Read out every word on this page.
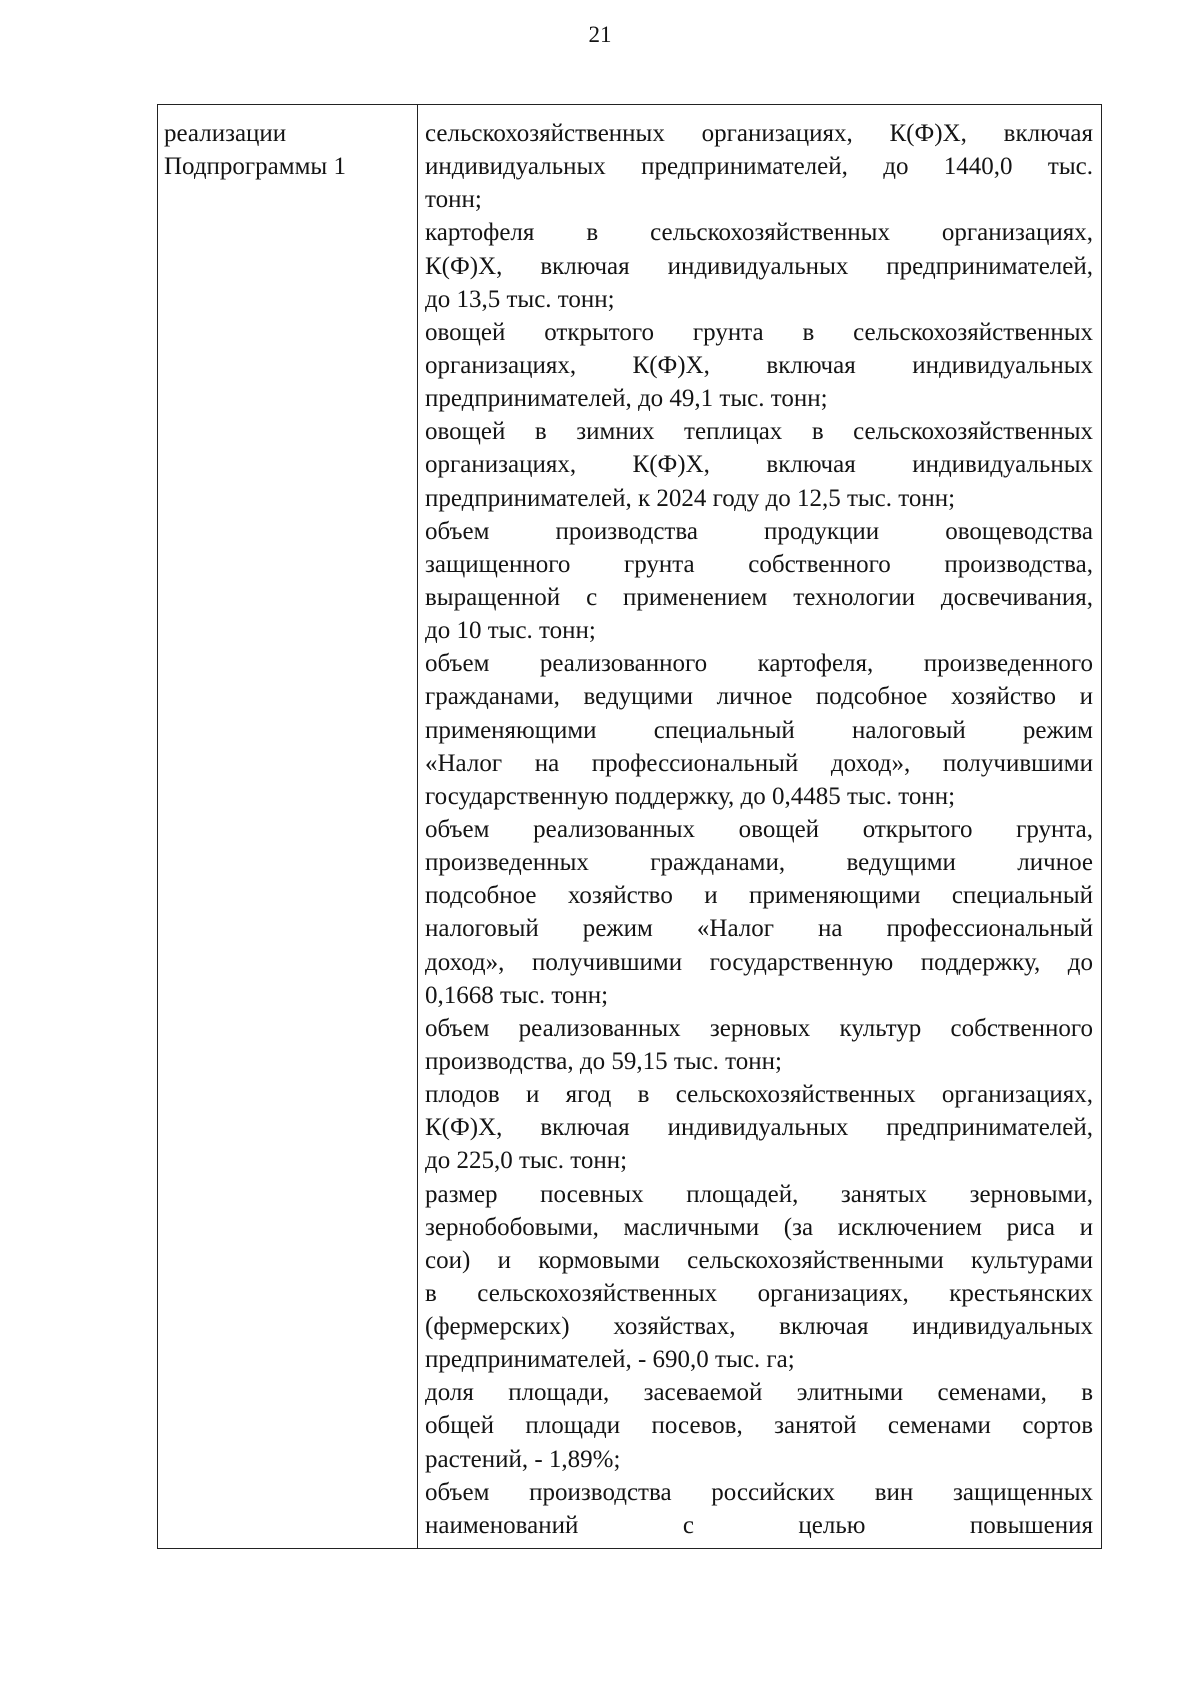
21
реализации
Подпрограммы 1
сельскохозяйственных организациях, К(Ф)Х, включая
индивидуальных предпринимателей, до 1440,0 тыс.
тонн;
картофеля в сельскохозяйственных организациях,
К(Ф)Х, включая индивидуальных предпринимателей,
до 13,5 тыс. тонн;
овощей открытого грунта в сельскохозяйственных
организациях, К(Ф)Х, включая индивидуальных
предпринимателей, до 49,1 тыс. тонн;
овощей в зимних теплицах в сельскохозяйственных
организациях, К(Ф)Х, включая индивидуальных
предпринимателей, к 2024 году до 12,5 тыс. тонн;
объем производства продукции овощеводства
защищенного грунта собственного производства,
выращенной с применением технологии досвечивания,
до 10 тыс. тонн;
объем реализованного картофеля, произведенного
гражданами, ведущими личное подсобное хозяйство и
применяющими специальный налоговый режим
«Налог на профессиональный доход», получившими
государственную поддержку, до 0,4485 тыс. тонн;
объем реализованных овощей открытого грунта,
произведенных гражданами, ведущими личное
подсобное хозяйство и применяющими специальный
налоговый режим «Налог на профессиональный
доход», получившими государственную поддержку, до
0,1668 тыс. тонн;
объем реализованных зерновых культур собственного
производства, до 59,15 тыс. тонн;
плодов и ягод в сельскохозяйственных организациях,
К(Ф)Х, включая индивидуальных предпринимателей,
до 225,0 тыс. тонн;
размер посевных площадей, занятых зерновыми,
зернобобовыми, масличными (за исключением риса и
сои) и кормовыми сельскохозяйственными культурами
в сельскохозяйственных организациях, крестьянских
(фермерских) хозяйствах, включая индивидуальных
предпринимателей, - 690,0 тыс. га;
доля площади, засеваемой элитными семенами, в
общей площади посевов, занятой семенами сортов
растений, - 1,89%;
объем производства российских вин защищенных
наименований с целью повышения
